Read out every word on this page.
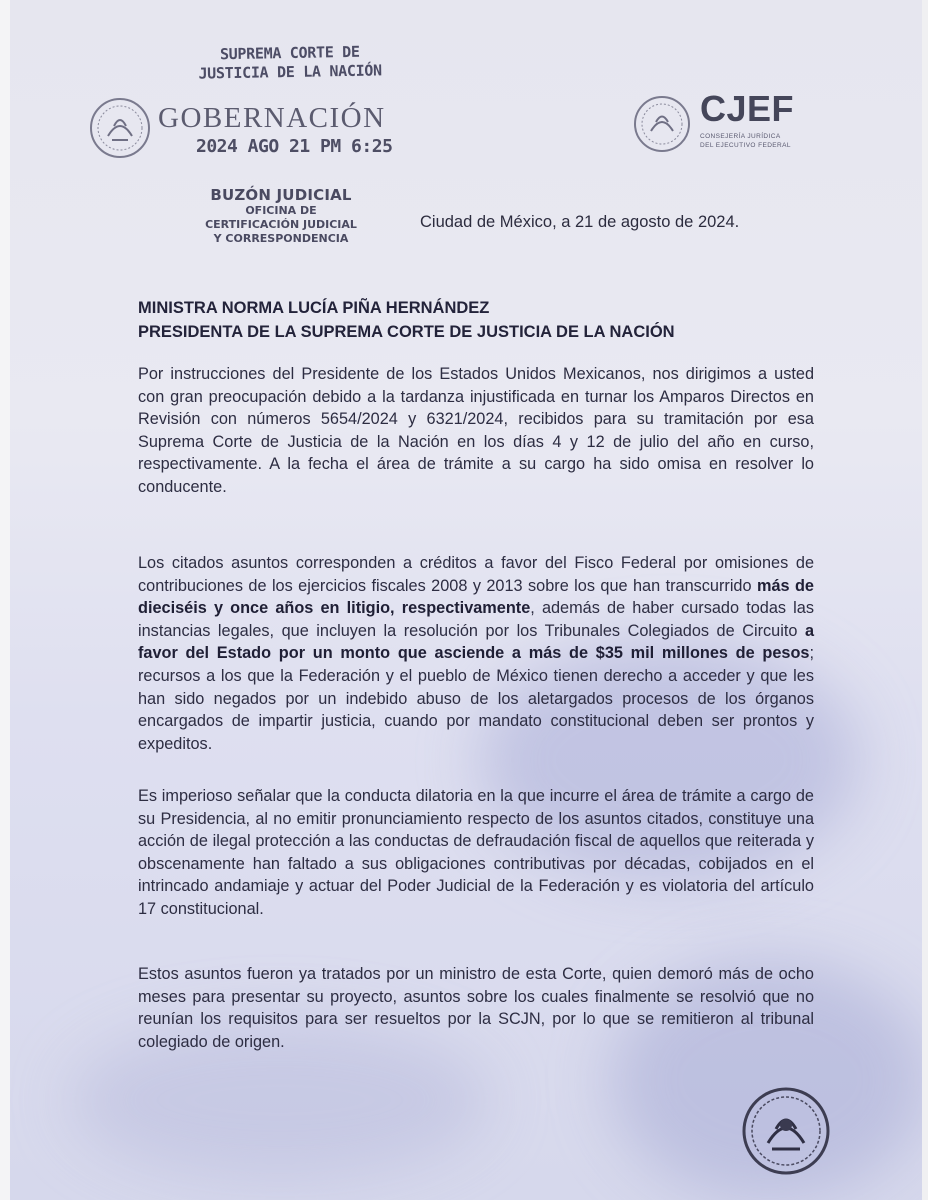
SUPREMA CORTE DE
JUSTICIA DE LA NACIÓN
GOBERNACIÓN
2024 AGO 21 PM 6:25
BUZÓN JUDICIAL
OFICINA DE
CERTIFICACIÓN JUDICIAL
Y CORRESPONDENCIA
CJEF
CONSEJERÍA JURÍDICA
DEL EJECUTIVO FEDERAL
Ciudad de México, a 21 de agosto de 2024.
MINISTRA NORMA LUCÍA PIÑA HERNÁNDEZ
PRESIDENTA DE LA SUPREMA CORTE DE JUSTICIA DE LA NACIÓN
Por instrucciones del Presidente de los Estados Unidos Mexicanos, nos dirigimos a usted con gran preocupación debido a la tardanza injustificada en turnar los Amparos Directos en Revisión con números 5654/2024 y 6321/2024, recibidos para su tramitación por esa Suprema Corte de Justicia de la Nación en los días 4 y 12 de julio del año en curso, respectivamente. A la fecha el área de trámite a su cargo ha sido omisa en resolver lo conducente.
Los citados asuntos corresponden a créditos a favor del Fisco Federal por omisiones de contribuciones de los ejercicios fiscales 2008 y 2013 sobre los que han transcurrido más de dieciséis y once años en litigio, respectivamente, además de haber cursado todas las instancias legales, que incluyen la resolución por los Tribunales Colegiados de Circuito a favor del Estado por un monto que asciende a más de $35 mil millones de pesos; recursos a los que la Federación y el pueblo de México tienen derecho a acceder y que les han sido negados por un indebido abuso de los aletargados procesos de los órganos encargados de impartir justicia, cuando por mandato constitucional deben ser prontos y expeditos.
Es imperioso señalar que la conducta dilatoria en la que incurre el área de trámite a cargo de su Presidencia, al no emitir pronunciamiento respecto de los asuntos citados, constituye una acción de ilegal protección a las conductas de defraudación fiscal de aquellos que reiterada y obscenamente han faltado a sus obligaciones contributivas por décadas, cobijados en el intrincado andamiaje y actuar del Poder Judicial de la Federación y es violatoria del artículo 17 constitucional.
Estos asuntos fueron ya tratados por un ministro de esta Corte, quien demoró más de ocho meses para presentar su proyecto, asuntos sobre los cuales finalmente se resolvió que no reunían los requisitos para ser resueltos por la SCJN, por lo que se remitieron al tribunal colegiado de origen.
